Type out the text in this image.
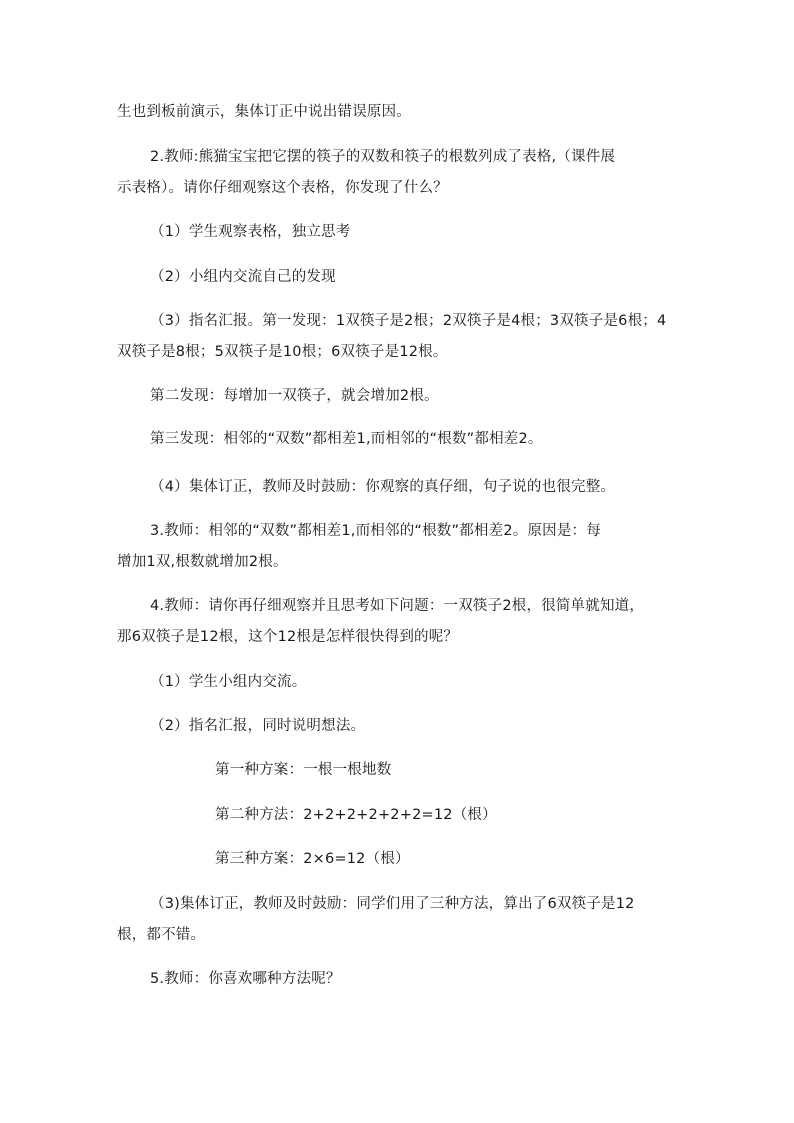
生也到板前演示，集体订正中说出错误原因。
2.教师:熊猫宝宝把它摆的筷子的双数和筷子的根数列成了表格,（课件展
示表格）。请你仔细观察这个表格，你发现了什么？
（1）学生观察表格，独立思考
（2）小组内交流自己的发现
（3）指名汇报。第一发现：1双筷子是2根；2双筷子是4根；3双筷子是6根；4
双筷子是8根；5双筷子是10根；6双筷子是12根。
第二发现：每增加一双筷子，就会增加2根。
第三发现：相邻的“双数”都相差1,而相邻的“根数”都相差2。
（4）集体订正，教师及时鼓励：你观察的真仔细，句子说的也很完整。
3.教师：相邻的“双数”都相差1,而相邻的“根数”都相差2。原因是：每
增加1双,根数就增加2根。
4.教师：请你再仔细观察并且思考如下问题：一双筷子2根，很简单就知道，
那6双筷子是12根，这个12根是怎样很快得到的呢？
（1）学生小组内交流。
（2）指名汇报，同时说明想法。
第一种方案：一根一根地数
第二种方法：2+2+2+2+2+2=12（根）
第三种方案：2×6=12（根）
（3)集体订正，教师及时鼓励：同学们用了三种方法，算出了6双筷子是12
根，都不错。
5.教师：你喜欢哪种方法呢？
